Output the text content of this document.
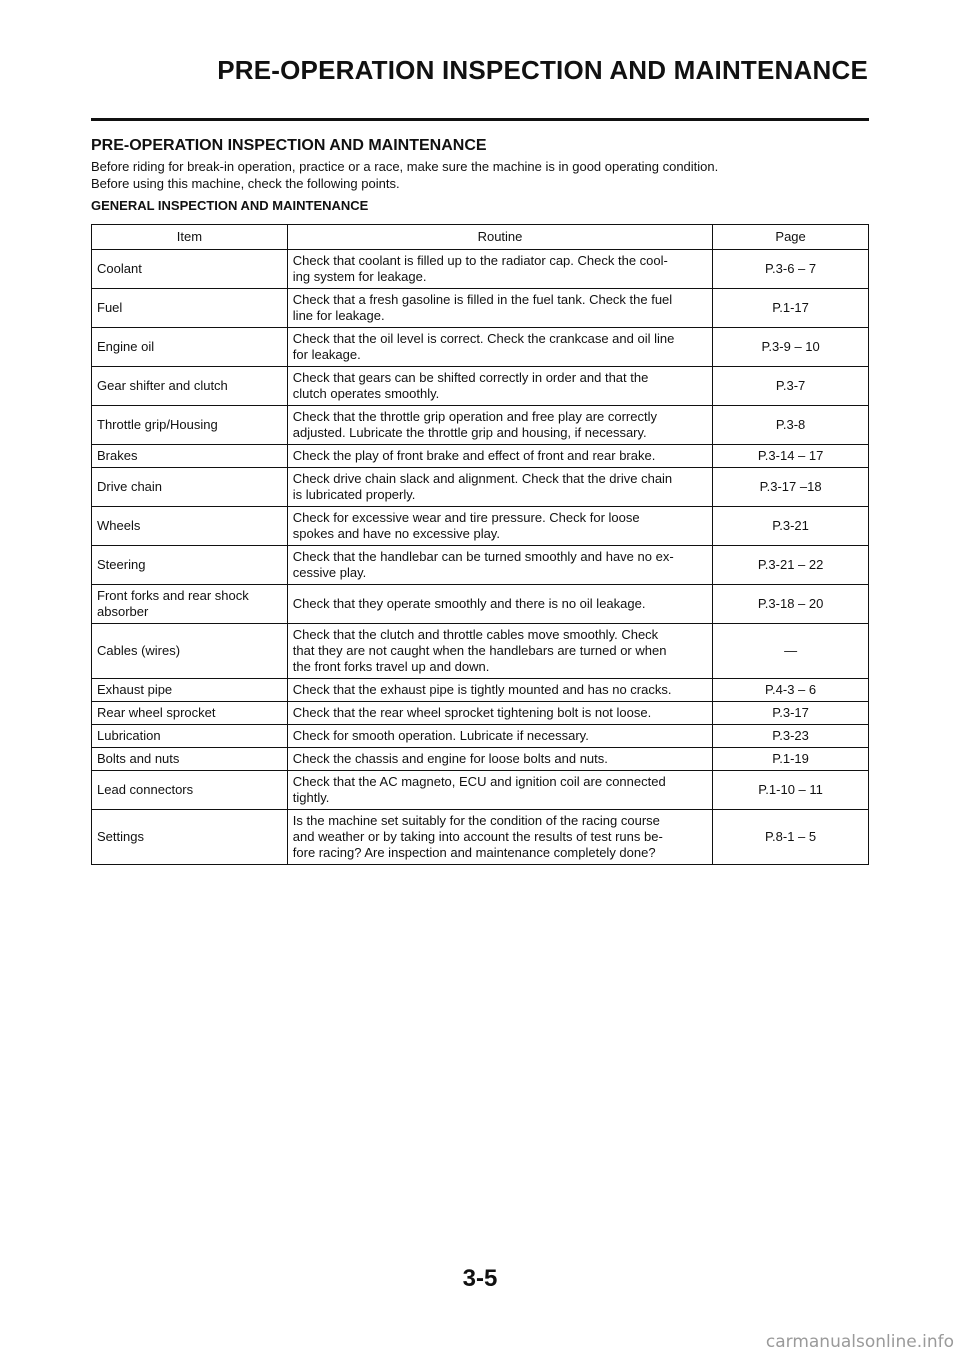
PRE-OPERATION INSPECTION AND MAINTENANCE
PRE-OPERATION INSPECTION AND MAINTENANCE

Before riding for break-in operation, practice or a race, make sure the machine is in good operating condition.

Before using this machine, check the following points.

GENERAL INSPECTION AND MAINTENANCE
Item	Routine	Page
Coolant	Check that coolant is filled up to the radiator cap. Check the cool-
ing system for leakage.	P.3-6 – 7
Fuel	Check that a fresh gasoline is filled in the fuel tank. Check the fuel
line for leakage.	P.1-17
Engine oil	Check that the oil level is correct. Check the crankcase and oil line
for leakage.	P.3-9 – 10
Gear shifter and clutch	Check that gears can be shifted correctly in order and that the
clutch operates smoothly.	P.3-7
Throttle grip/Housing	Check that the throttle grip operation and free play are correctly
adjusted. Lubricate the throttle grip and housing, if necessary.	P.3-8
Brakes	Check the play of front brake and effect of front and rear brake.	P.3-14 – 17
Drive chain	Check drive chain slack and alignment. Check that the drive chain
is lubricated properly.	P.3-17 –18
Wheels	Check for excessive wear and tire pressure. Check for loose
spokes and have no excessive play.	P.3-21
Steering	Check that the handlebar can be turned smoothly and have no ex-
cessive play.	P.3-21 – 22
Front forks and rear shock
absorber	Check that they operate smoothly and there is no oil leakage.	P.3-18 – 20
Cables (wires)	Check that the clutch and throttle cables move smoothly. Check
that they are not caught when the handlebars are turned or when
the front forks travel up and down.	—
Exhaust pipe	Check that the exhaust pipe is tightly mounted and has no cracks.	P.4-3 – 6
Rear wheel sprocket	Check that the rear wheel sprocket tightening bolt is not loose.	P.3-17
Lubrication	Check for smooth operation. Lubricate if necessary.	P.3-23
Bolts and nuts	Check the chassis and engine for loose bolts and nuts.	P.1-19
Lead connectors	Check that the AC magneto, ECU and ignition coil are connected
tightly.	P.1-10 – 11
Settings	Is the machine set suitably for the condition of the racing course
and weather or by taking into account the results of test runs be-
fore racing? Are inspection and maintenance completely done?	P.8-1 – 5
3-5
carmanualsonline.info
